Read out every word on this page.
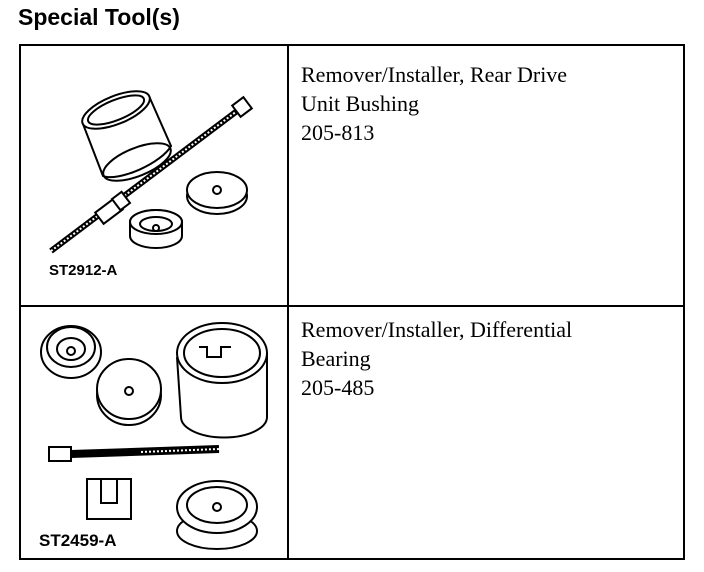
Special Tool(s)
ST2912-A
Remover/Installer, Rear Drive
Unit Bushing
205-813
ST2459-A
Remover/Installer, Differential
Bearing
205-485
